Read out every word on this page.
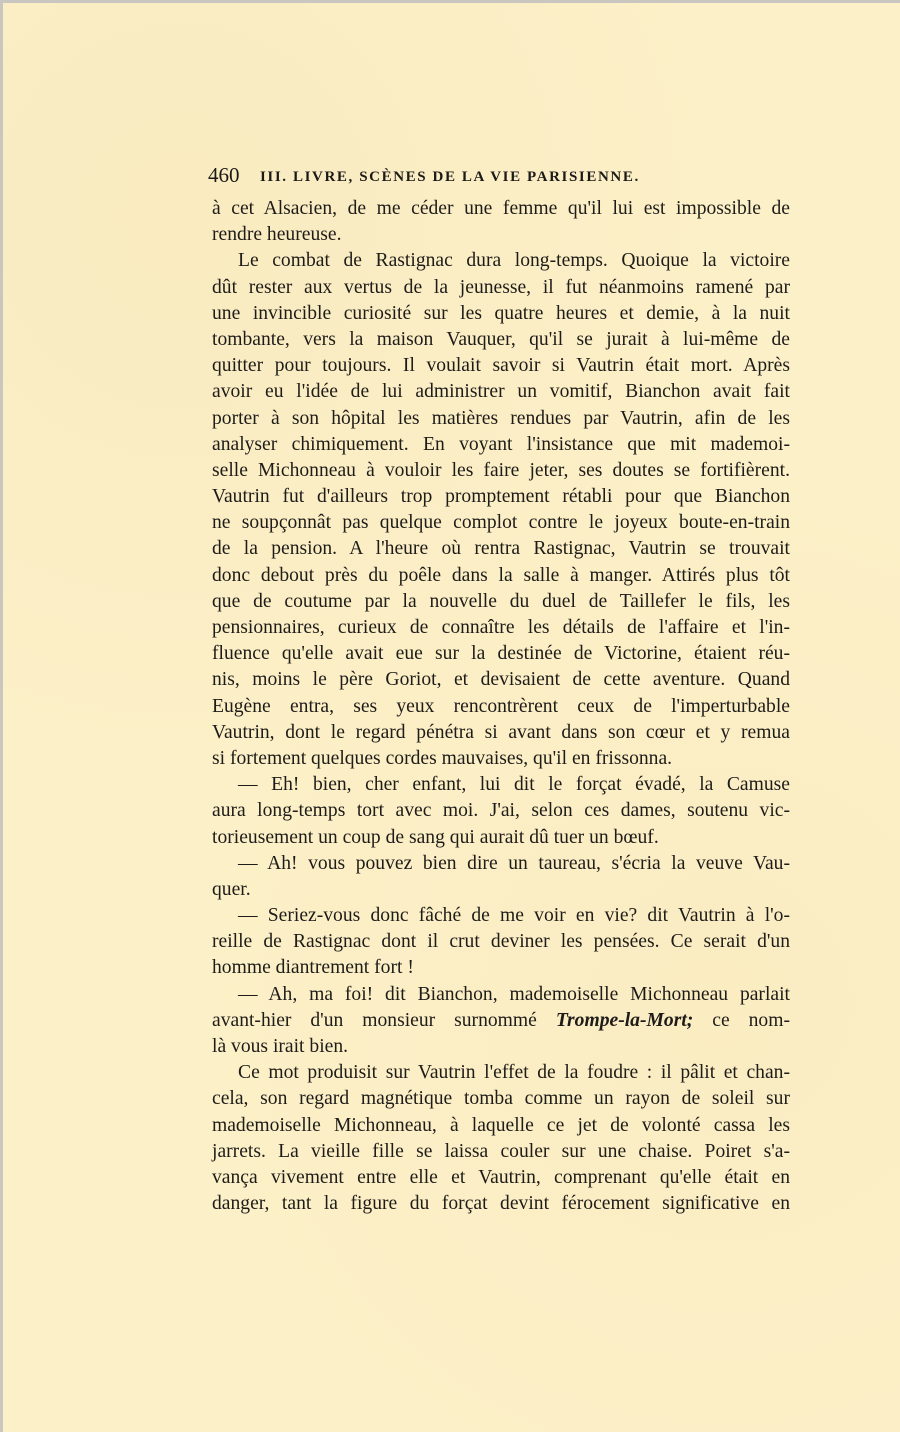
460 III. LIVRE, SCÈNES DE LA VIE PARISIENNE.
à cet Alsacien, de me céder une femme qu'il lui est impossible de
rendre heureuse.
Le combat de Rastignac dura long-temps. Quoique la victoire
dût rester aux vertus de la jeunesse, il fut néanmoins ramené par
une invincible curiosité sur les quatre heures et demie, à la nuit
tombante, vers la maison Vauquer, qu'il se jurait à lui-même de
quitter pour toujours. Il voulait savoir si Vautrin était mort. Après
avoir eu l'idée de lui administrer un vomitif, Bianchon avait fait
porter à son hôpital les matières rendues par Vautrin, afin de les
analyser chimiquement. En voyant l'insistance que mit mademoi-
selle Michonneau à vouloir les faire jeter, ses doutes se fortifièrent.
Vautrin fut d'ailleurs trop promptement rétabli pour que Bianchon
ne soupçonnât pas quelque complot contre le joyeux boute-en-train
de la pension. A l'heure où rentra Rastignac, Vautrin se trouvait
donc debout près du poêle dans la salle à manger. Attirés plus tôt
que de coutume par la nouvelle du duel de Taillefer le fils, les
pensionnaires, curieux de connaître les détails de l'affaire et l'in-
fluence qu'elle avait eue sur la destinée de Victorine, étaient réu-
nis, moins le père Goriot, et devisaient de cette aventure. Quand
Eugène entra, ses yeux rencontrèrent ceux de l'imperturbable
Vautrin, dont le regard pénétra si avant dans son cœur et y remua
si fortement quelques cordes mauvaises, qu'il en frissonna.
— Eh! bien, cher enfant, lui dit le forçat évadé, la Camuse
aura long-temps tort avec moi. J'ai, selon ces dames, soutenu vic-
torieusement un coup de sang qui aurait dû tuer un bœuf.
— Ah! vous pouvez bien dire un taureau, s'écria la veuve Vau-
quer.
— Seriez-vous donc fâché de me voir en vie? dit Vautrin à l'o-
reille de Rastignac dont il crut deviner les pensées. Ce serait d'un
homme diantrement fort !
— Ah, ma foi! dit Bianchon, mademoiselle Michonneau parlait
avant-hier d'un monsieur surnommé Trompe-la-Mort; ce nom-
là vous irait bien.
Ce mot produisit sur Vautrin l'effet de la foudre : il pâlit et chan-
cela, son regard magnétique tomba comme un rayon de soleil sur
mademoiselle Michonneau, à laquelle ce jet de volonté cassa les
jarrets. La vieille fille se laissa couler sur une chaise. Poiret s'a-
vança vivement entre elle et Vautrin, comprenant qu'elle était en
danger, tant la figure du forçat devint férocement significative en
